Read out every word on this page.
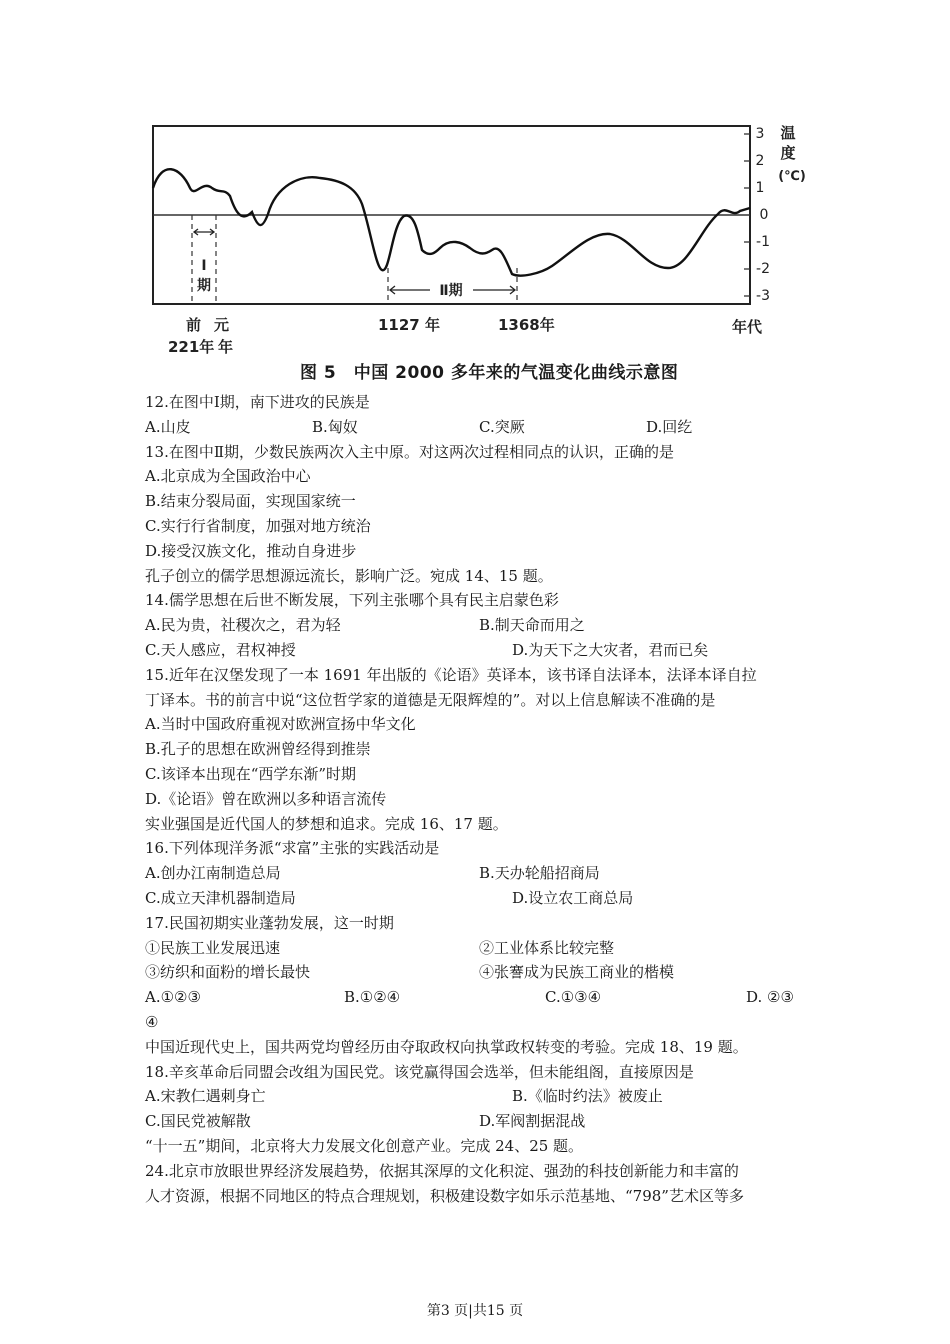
Ⅰ
期	Ⅱ期
3
2
1
0
-1
-2
-3
温
度
(℃)
前 元
221年 年
1127 年	1368年	年代
图 5　中国 2000 多年来的气温变化曲线示意图
12.在图中Ⅰ期，南下进攻的民族是
A.山皮	B.匈奴	C.突厥	D.回纥
13.在图中Ⅱ期，少数民族两次入主中原。对这两次过程相同点的认识，正确的是
A.北京成为全国政治中心
B.结束分裂局面，实现国家统一
C.实行行省制度，加强对地方统治
D.接受汉族文化，推动自身进步
孔子创立的儒学思想源远流长，影响广泛。宛成 14、15 题。
14.儒学思想在后世不断发展，下列主张哪个具有民主启蒙色彩
A.民为贵，社稷次之，君为轻	B.制天命而用之
C.天人感应，君权神授	D.为天下之大灾者，君而已矣
15.近年在汉堡发现了一本 1691 年出版的《论语》英译本，该书译自法译本，法译本译自拉
丁译本。书的前言中说“这位哲学家的道德是无限辉煌的”。对以上信息解读不准确的是
A.当时中国政府重视对欧洲宣扬中华文化
B.孔子的思想在欧洲曾经得到推崇
C.该译本出现在“西学东渐”时期
D.《论语》曾在欧洲以多种语言流传
实业强国是近代国人的梦想和追求。完成 16、17 题。
16.下列体现洋务派“求富”主张的实践活动是
A.创办江南制造总局	B.天办轮船招商局
C.成立天津机器制造局	D.设立农工商总局
17.民国初期实业蓬勃发展，这一时期
①民族工业发展迅速	②工业体系比较完整
③纺织和面粉的增长最快	④张謇成为民族工商业的楷模
A.①②③	B.①②④	C.①③④	D. ②③
④
中国近现代史上，国共两党均曾经历由夺取政权向执掌政权转变的考验。完成 18、19 题。
18.辛亥革命后同盟会改组为国民党。该党赢得国会选举，但未能组阁，直接原因是
A.宋教仁遇刺身亡	B.《临时约法》被废止
C.国民党被解散	D.军阀割据混战
“十一五”期间，北京将大力发展文化创意产业。完成 24、25 题。
24.北京市放眼世界经济发展趋势，依据其深厚的文化积淀、强劲的科技创新能力和丰富的
人才资源，根据不同地区的特点合理规划，积极建设数字如乐示范基地、“798”艺术区等多
第3 页|共15 页
